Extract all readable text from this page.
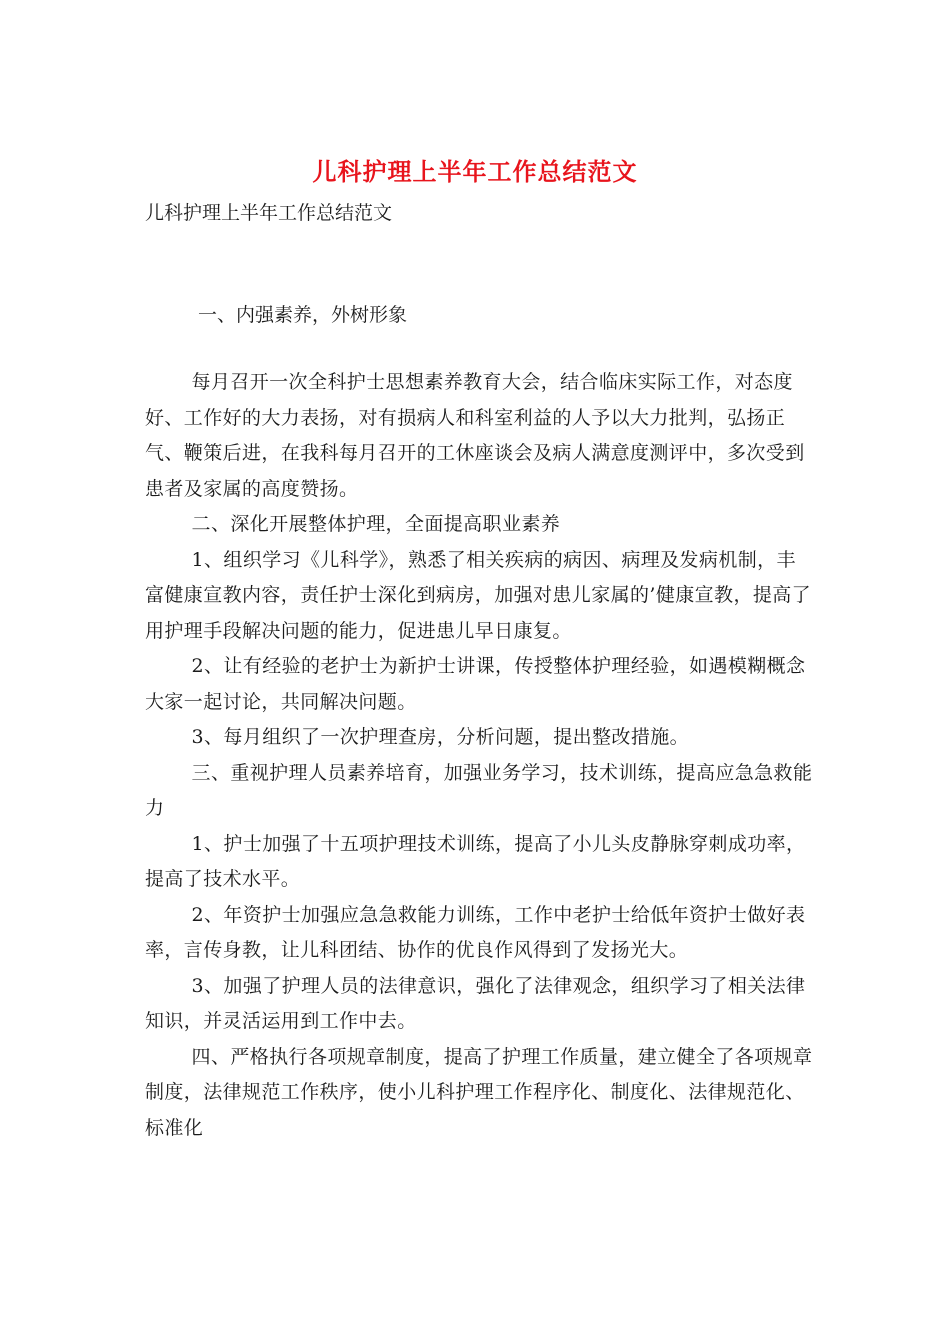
儿科护理上半年工作总结范文

儿科护理上半年工作总结范文

一、内强素养，外树形象

每月召开一次全科护士思想素养教育大会，结合临床实际工作，对态度好、工作好的大力表扬，对有损病人和科室利益的人予以大力批判，弘扬正气、鞭策后进，在我科每月召开的工休座谈会及病人满意度测评中，多次受到患者及家属的高度赞扬。

二、深化开展整体护理，全面提高职业素养

1、组织学习《儿科学》，熟悉了相关疾病的病因、病理及发病机制，丰富健康宣教内容，责任护士深化到病房，加强对患儿家属的’健康宣教，提高了用护理手段解决问题的能力，促进患儿早日康复。

2、让有经验的老护士为新护士讲课，传授整体护理经验，如遇模糊概念大家一起讨论，共同解决问题。

3、每月组织了一次护理查房，分析问题，提出整改措施。

三、重视护理人员素养培育，加强业务学习，技术训练，提高应急急救能力

1、护士加强了十五项护理技术训练，提高了小儿头皮静脉穿刺成功率，提高了技术水平。

2、年资护士加强应急急救能力训练，工作中老护士给低年资护士做好表率，言传身教，让儿科团结、协作的优良作风得到了发扬光大。

3、加强了护理人员的法律意识，强化了法律观念，组织学习了相关法律知识，并灵活运用到工作中去。

四、严格执行各项规章制度，提高了护理工作质量，建立健全了各项规章制度，法律规范工作秩序，使小儿科护理工作程序化、制度化、法律规范化、标准化
